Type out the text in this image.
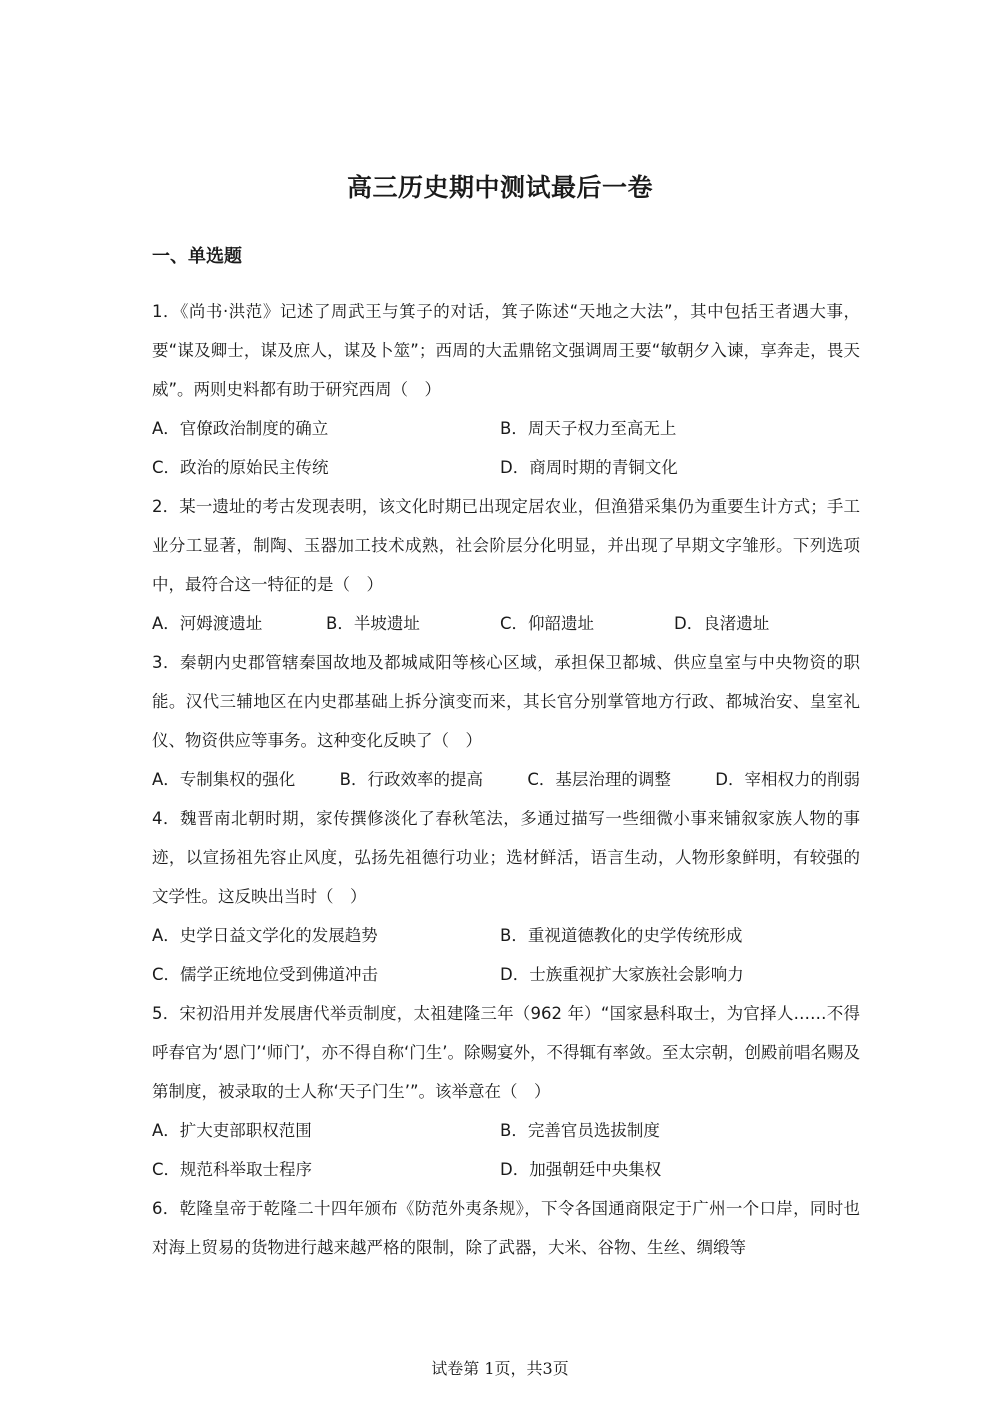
高三历史期中测试最后一卷
一、单选题
1．《尚书·洪范》记述了周武王与箕子的对话，箕子陈述“天地之大法”，其中包括王者遇大事，要“谋及卿士，谋及庶人，谋及卜筮”；西周的大盂鼎铭文强调周王要“敏朝夕入谏，享奔走，畏天威”。两则史料都有助于研究西周（　）
A．官僚政治制度的确立	B．周天子权力至高无上
C．政治的原始民主传统	D．商周时期的青铜文化
2．某一遗址的考古发现表明，该文化时期已出现定居农业，但渔猎采集仍为重要生计方式；手工业分工显著，制陶、玉器加工技术成熟，社会阶层分化明显，并出现了早期文字雏形。下列选项中，最符合这一特征的是（　）
A．河姆渡遗址	B．半坡遗址	C．仰韶遗址	D．良渚遗址
3．秦朝内史郡管辖秦国故地及都城咸阳等核心区域，承担保卫都城、供应皇室与中央物资的职能。汉代三辅地区在内史郡基础上拆分演变而来，其长官分别掌管地方行政、都城治安、皇室礼仪、物资供应等事务。这种变化反映了（　）
A．专制集权的强化	B．行政效率的提高	C．基层治理的调整	D．宰相权力的削弱
4．魏晋南北朝时期，家传撰修淡化了春秋笔法，多通过描写一些细微小事来铺叙家族人物的事迹，以宣扬祖先容止风度，弘扬先祖德行功业；选材鲜活，语言生动，人物形象鲜明，有较强的文学性。这反映出当时（　）
A．史学日益文学化的发展趋势	B．重视道德教化的史学传统形成
C．儒学正统地位受到佛道冲击	D．士族重视扩大家族社会影响力
5．宋初沿用并发展唐代举贡制度，太祖建隆三年（962 年）“国家悬科取士，为官择人……不得呼春官为‘恩门’‘师门’，亦不得自称‘门生’。除赐宴外，不得辄有率敛。至太宗朝，创殿前唱名赐及第制度，被录取的士人称‘天子门生’”。该举意在（　）
A．扩大吏部职权范围	B．完善官员选拔制度
C．规范科举取士程序	D．加强朝廷中央集权
6．乾隆皇帝于乾隆二十四年颁布《防范外夷条规》，下令各国通商限定于广州一个口岸，同时也对海上贸易的货物进行越来越严格的限制，除了武器，大米、谷物、生丝、绸缎等
试卷第 1页，共3页
